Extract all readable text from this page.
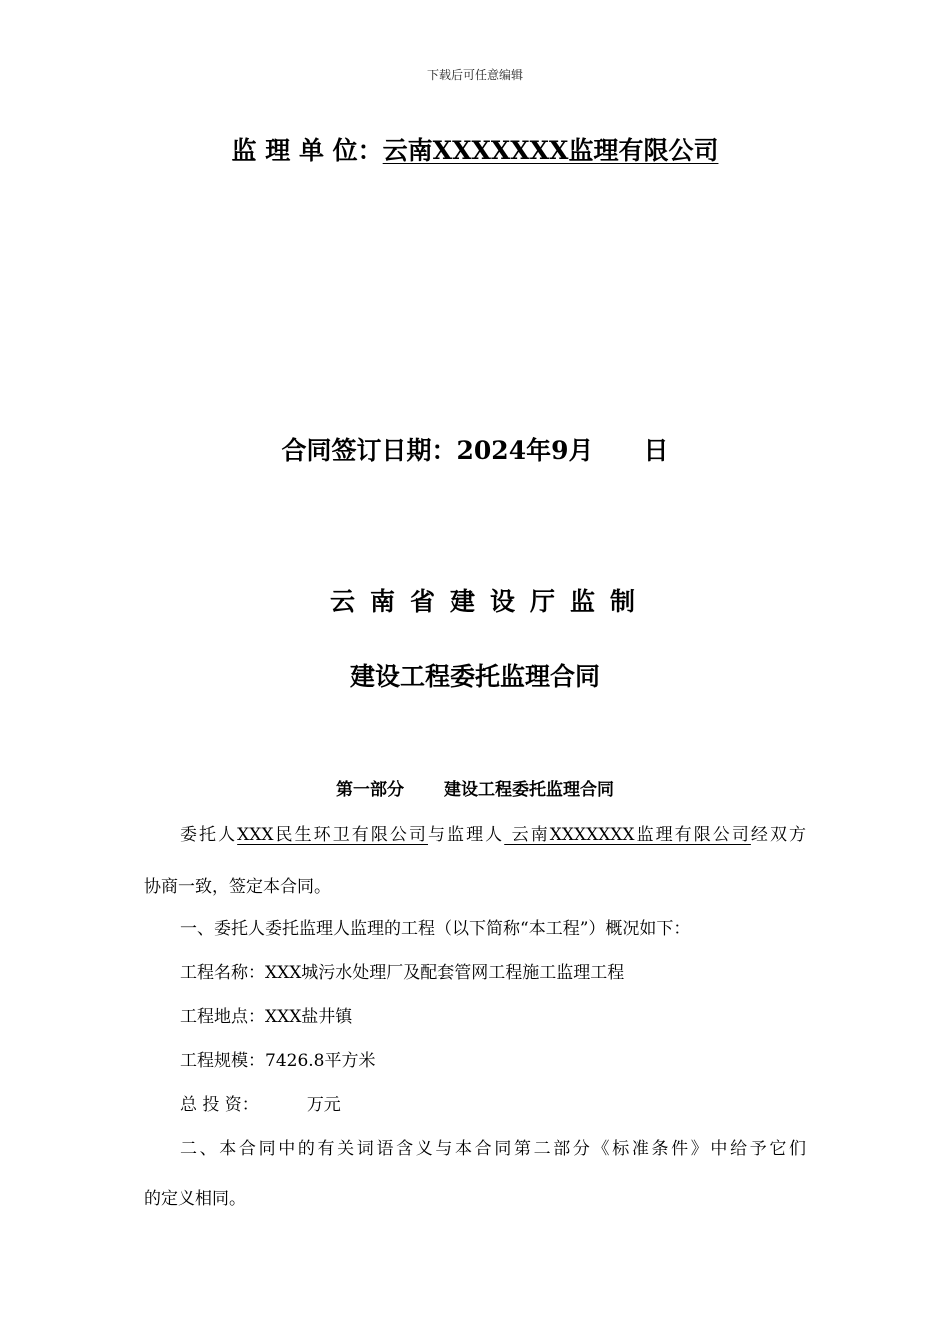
下载后可任意编辑
监 理 单 位：云南XXXXXXX监理有限公司
合同签订日期：2024年9月　　日
云南省建设厅监制
建设工程委托监理合同
第一部分 建设工程委托监理合同
委托人XXX民生环卫有限公司与监理人 云南XXXXXXX监理有限公司经双方
协商一致，签定本合同。
一、委托人委托监理人监理的工程（以下简称“本工程”）概况如下：
工程名称：XXX城污水处理厂及配套管网工程施工监理工程
工程地点：XXX盐井镇
工程规模：7426.8平方米
总 投 资：	万元
二、本合同中的有关词语含义与本合同第二部分《标准条件》中给予它们
的定义相同。
